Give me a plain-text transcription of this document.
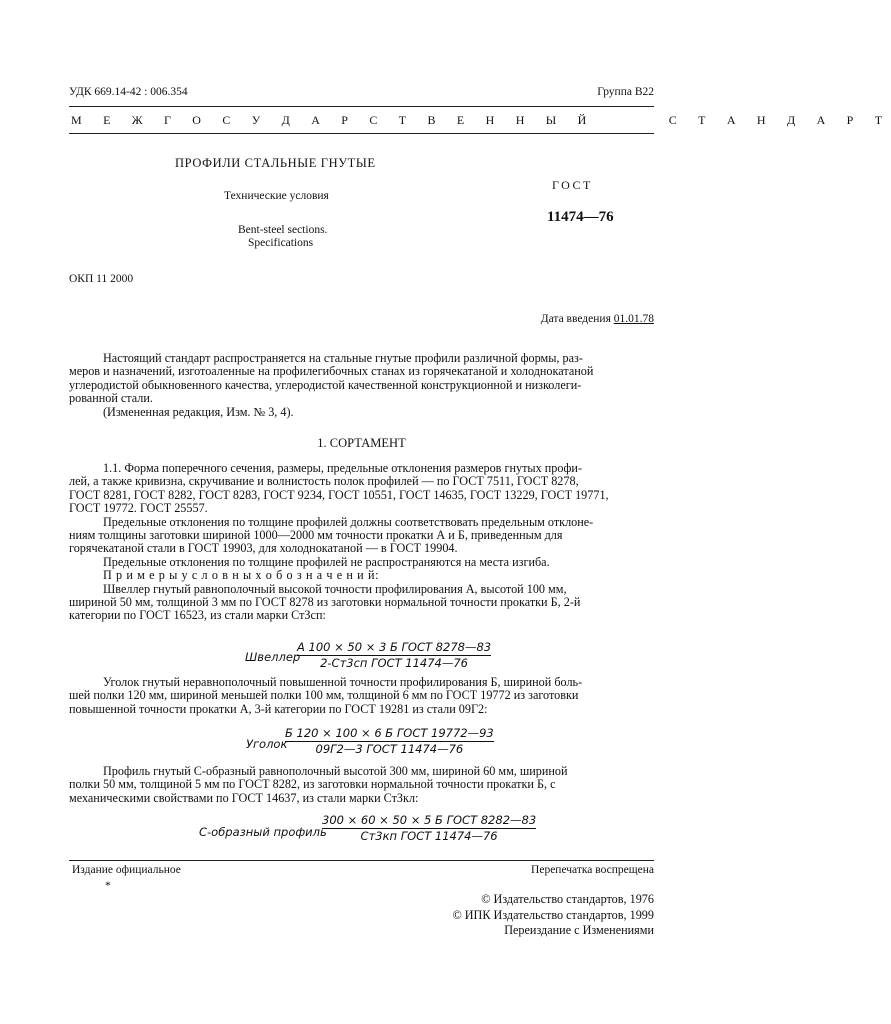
УДК 669.14-42 : 006.354	Группа В22
М Е Ж Г О С У Д А Р С Т В Е Н Н Ы Й      С Т А Н Д А Р Т
ПРОФИЛИ СТАЛЬНЫЕ ГНУТЫЕ
Технические условия
Bent-steel sections.
Specifications
ГОСТ
11474—76
ОКП 11 2000
Дата введения 01.01.78
Настоящий стандарт распространяется на стальные гнутые профили различной формы, раз-
меров и назначений, изготоаленные на профилегибочных станах из горячекатаной и холоднокатаной
углеродистой обыкновенного качества, углеродистой качественной конструкционной и низколеги-
рованной стали.
(Измененная редакция, Изм. № 3, 4).
1. СОРТАМЕНТ
1.1. Форма поперечного сечения, размеры, предельные отклонения размеров гнутых профи-
лей, а также кривизна, скручивание и волнистость полок профилей — по ГОСТ 7511, ГОСТ 8278,
ГОСТ 8281, ГОСТ 8282, ГОСТ 8283, ГОСТ 9234, ГОСТ 10551, ГОСТ 14635, ГОСТ 13229, ГОСТ 19771,
ГОСТ 19772. ГОСТ 25557.
Предельные отклонения по толщине профилей должны соответствовать предельным отклоне-
ниям толщины заготовки шириной 1000—2000 мм точности прокатки А и Б, приведенным для
горячекатаной стали в ГОСТ 19903, для холоднокатаной — в ГОСТ 19904.
Предельные отклонения по толщине профилей не распространяются на места изгиба.
П р и м е р ы у с л о в н ы х о б о з н а ч е н и й:
Швеллер гнутый равнополочный высокой точности профилирования А, высотой 100 мм,
шириной 50 мм, толщиной 3 мм по ГОСТ 8278 из заготовки нормальной точности прокатки Б, 2-й
категории по ГОСТ 16523, из стали марки СтЗсп:
Швеллер
А 100 × 50 × 3 Б ГОСТ 8278—83
2-Ст3сп ГОСТ 11474—76
Уголок гнутый неравнополочный повышенной точности профилирования Б, шириной боль-
шей полки 120 мм, шириной меньшей полки 100 мм, толщиной 6 мм по ГОСТ 19772 из заготовки
повышенной точности прокатки А, 3-й категории по ГОСТ 19281 из стали 09Г2:
Уголок
Б 120 × 100 × 6 Б ГОСТ 19772—93
09Г2—3 ГОСТ 11474—76
Профиль гнутый С-образный равнополочный высотой 300 мм, шириной 60 мм, шириной
полки 50 мм, толщиной 5 мм по ГОСТ 8282, из заготовки нормальной точности прокатки Б, с
механическими свойствами по ГОСТ 14637, из стали марки СтЗкл:
С-образный профиль
300 × 60 × 50 × 5 Б ГОСТ 8282—83
Ст3кп ГОСТ 11474—76
Издание официальное	Перепечатка воспрещена
*
© Издательство стандартов, 1976
© ИПК Издательство стандартов, 1999
Переиздание с Изменениями
